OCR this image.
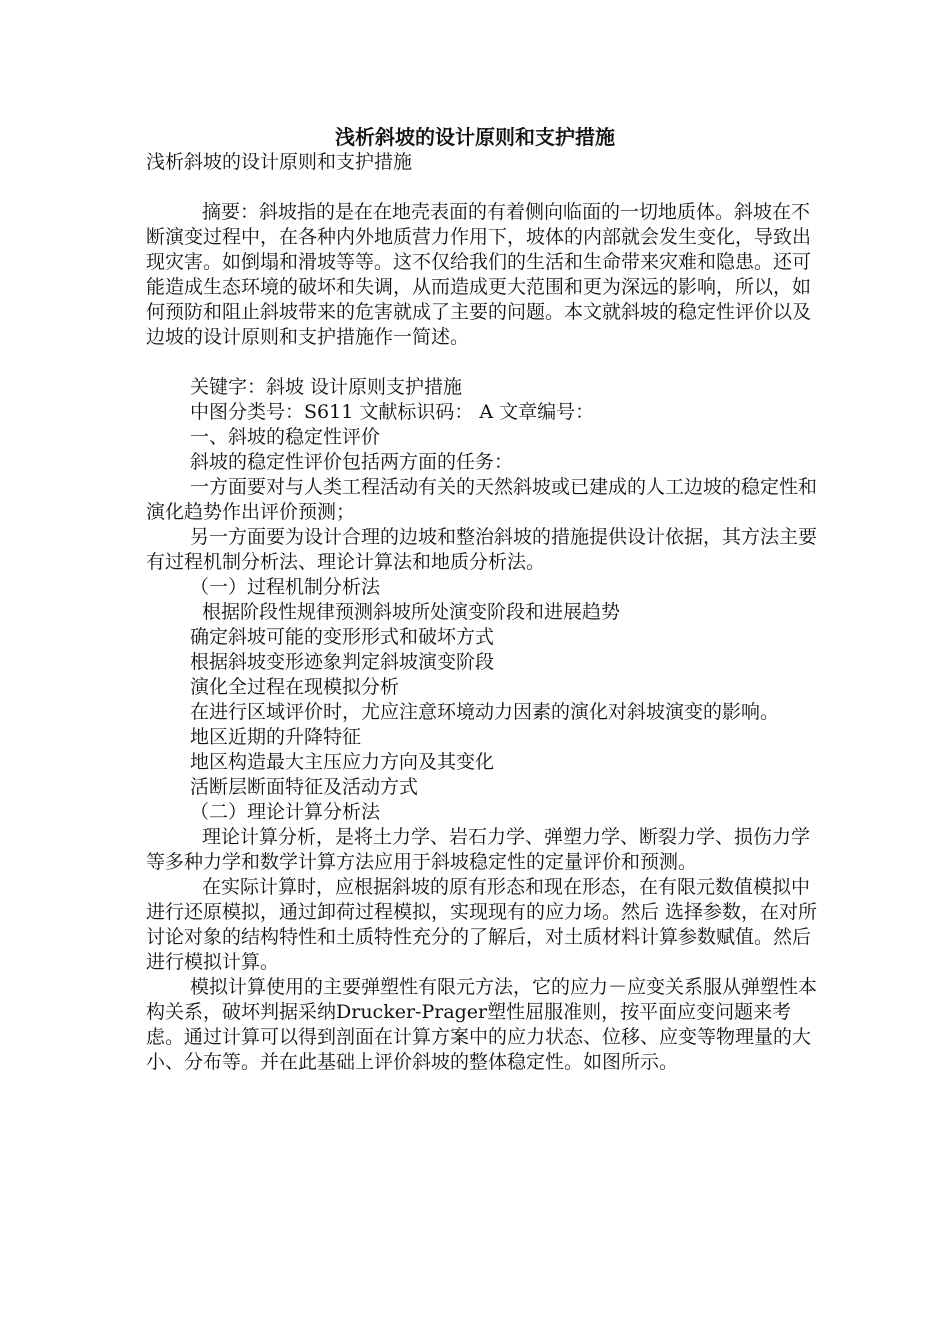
浅析斜坡的设计原则和支护措施

浅析斜坡的设计原则和支护措施

摘要：斜坡指的是在在地壳表面的有着侧向临面的一切地质体。斜坡在不断演变过程中，在各种内外地质营力作用下，坡体的内部就会发生变化，导致出现灾害。如倒塌和滑坡等等。这不仅给我们的生活和生命带来灾难和隐患。还可能造成生态环境的破坏和失调，从而造成更大范围和更为深远的影响，所以，如何预防和阻止斜坡带来的危害就成了主要的问题。本文就斜坡的稳定性评价以及边坡的设计原则和支护措施作一简述。

关键字：斜坡 设计原则支护措施

中图分类号：S611 文献标识码： A 文章编号：

一、斜坡的稳定性评价

斜坡的稳定性评价包括两方面的任务：

一方面要对与人类工程活动有关的天然斜坡或已建成的人工边坡的稳定性和演化趋势作出评价预测；

另一方面要为设计合理的边坡和整治斜坡的措施提供设计依据，其方法主要有过程机制分析法、理论计算法和地质分析法。

（一）过程机制分析法

根据阶段性规律预测斜坡所处演变阶段和进展趋势

确定斜坡可能的变形形式和破坏方式

根据斜坡变形迹象判定斜坡演变阶段

演化全过程在现模拟分析

在进行区域评价时，尤应注意环境动力因素的演化对斜坡演变的影响。

地区近期的升降特征

地区构造最大主压应力方向及其变化

活断层断面特征及活动方式

（二）理论计算分析法

理论计算分析，是将土力学、岩石力学、弹塑力学、断裂力学、损伤力学等多种力学和数学计算方法应用于斜坡稳定性的定量评价和预测。

在实际计算时，应根据斜坡的原有形态和现在形态，在有限元数值模拟中进行还原模拟，通过卸荷过程模拟，实现现有的应力场。然后 选择参数，在对所讨论对象的结构特性和土质特性充分的了解后，对土质材料计算参数赋值。然后进行模拟计算。

模拟计算使用的主要弹塑性有限元方法，它的应力－应变关系服从弹塑性本构关系，破坏判据采纳Drucker-Prager塑性屈服准则，按平面应变问题来考虑。通过计算可以得到剖面在计算方案中的应力状态、位移、应变等物理量的大小、分布等。并在此基础上评价斜坡的整体稳定性。如图所示。
